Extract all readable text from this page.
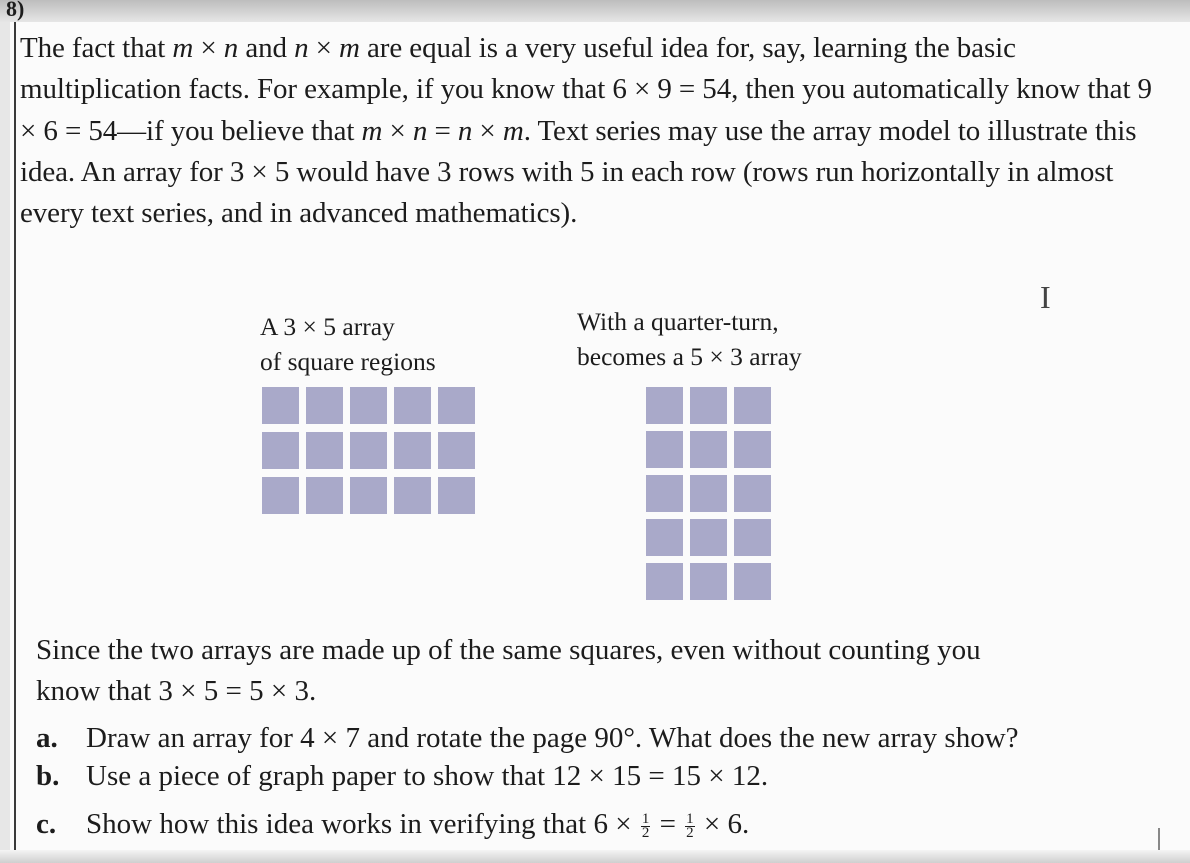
8)

The fact that m × n and n × m are equal is a very useful idea for, say, learning the basic multiplication facts. For example, if you know that 6 × 9 = 54, then you automatically know that 9 × 6 = 54—if you believe that m × n = n × m. Text series may use the array model to illustrate this idea. An array for 3 × 5 would have 3 rows with 5 in each row (rows run horizontally in almost every text series, and in advanced mathematics).

I
A 3 × 5 array
of square regions
With a quarter-turn,
becomes a 5 × 3 array

Since the two arrays are made up of the same squares, even without counting you

know that 3 × 5 = 5 × 3.

a. Draw an array for 4 × 7 and rotate the page 90°. What does the new array show?
b. Use a piece of graph paper to show that 12 × 15 = 15 × 12.
c. Show how this idea works in verifying that $6 \times \frac{1}{2} = \frac{1}{2} \times 6$.
